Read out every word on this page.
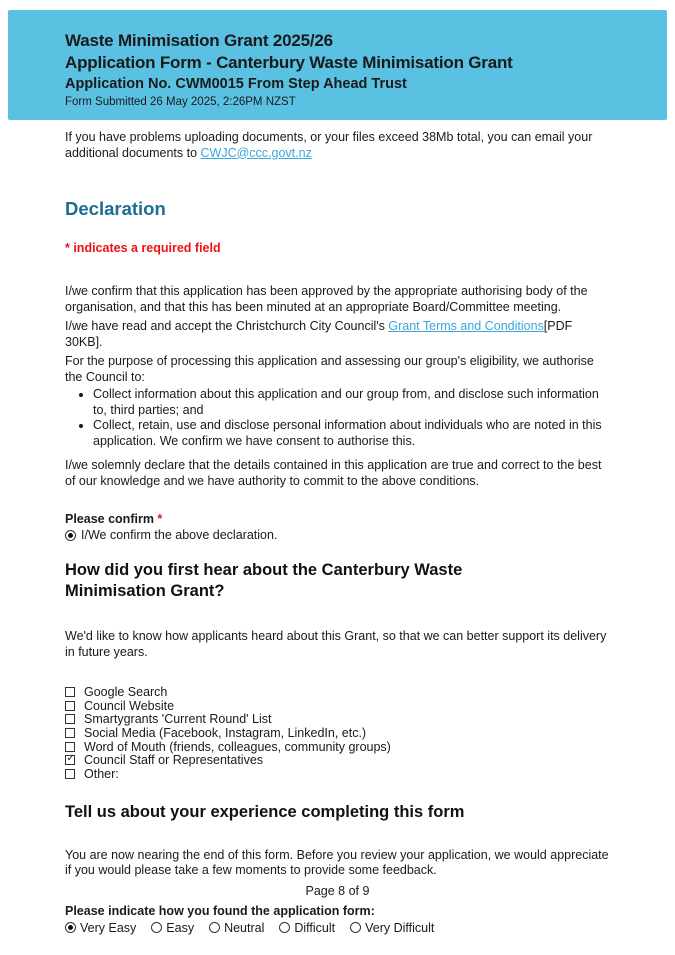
Waste Minimisation Grant 2025/26
Application Form - Canterbury Waste Minimisation Grant
Application No. CWM0015 From Step Ahead Trust
Form Submitted 26 May 2025, 2:26PM NZST

If you have problems uploading documents, or your files exceed 38Mb total, you can email your additional documents to CWJC@ccc.govt.nz

Declaration
* indicates a required field

I/we confirm that this application has been approved by the appropriate authorising body of the organisation, and that this has been minuted at an appropriate Board/Committee meeting.

I/we have read and accept the Christchurch City Council's Grant Terms and Conditions[PDF 30KB].

For the purpose of processing this application and assessing our group's eligibility, we authorise the Council to:

• Collect information about this application and our group from, and disclose such information to, third parties; and
• Collect, retain, use and disclose personal information about individuals who are noted in this application. We confirm we have consent to authorise this.

I/we solemnly declare that the details contained in this application are true and correct to the best of our knowledge and we have authority to commit to the above conditions.

Please confirm *
I/We confirm the above declaration.
How did you first hear about the Canterbury Waste Minimisation Grant?

We'd like to know how applicants heard about this Grant, so that we can better support its delivery in future years.

Google Search
Council Website
Smartygrants 'Current Round' List
Social Media (Facebook, Instagram, LinkedIn, etc.)
Word of Mouth (friends, colleagues, community groups)
✓
Council Staff or Representatives
Other:
Tell us about your experience completing this form

You are now nearing the end of this form. Before you review your application, we would appreciate if you would please take a few moments to provide some feedback.

Please indicate how you found the application form:
Very Easy Easy Neutral Difficult Very Difficult
Page 8 of 9
